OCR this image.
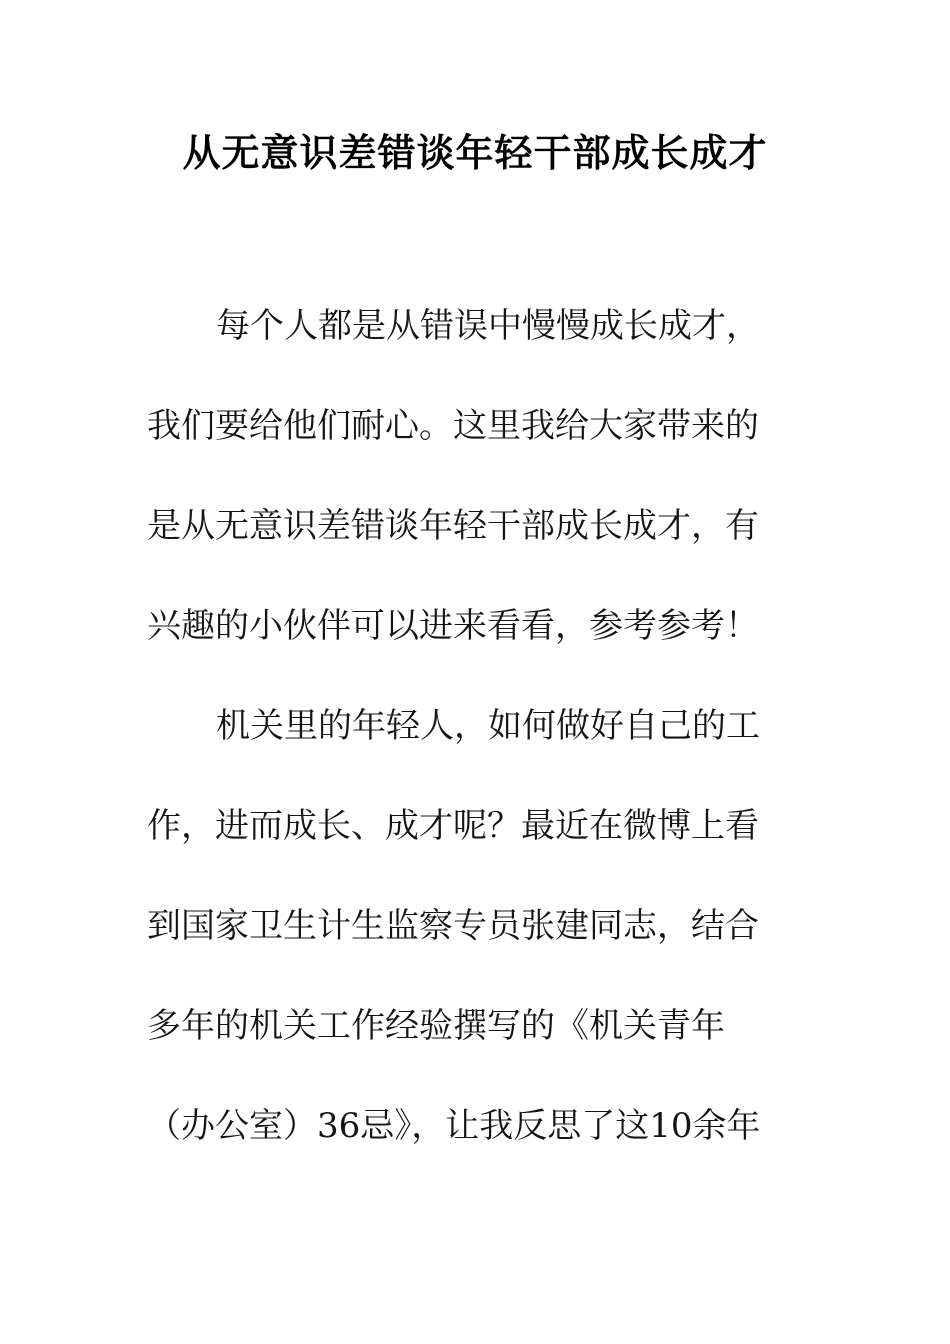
从无意识差错谈年轻干部成长成才
每个人都是从错误中慢慢成长成才，
我们要给他们耐心。这里我给大家带来的
是从无意识差错谈年轻干部成长成才，有
兴趣的小伙伴可以进来看看，参考参考！
机关里的年轻人，如何做好自己的工
作，进而成长、成才呢？最近在微博上看
到国家卫生计生监察专员张建同志，结合
多年的机关工作经验撰写的《机关青年
（办公室）36忌》，让我反思了这10余年
